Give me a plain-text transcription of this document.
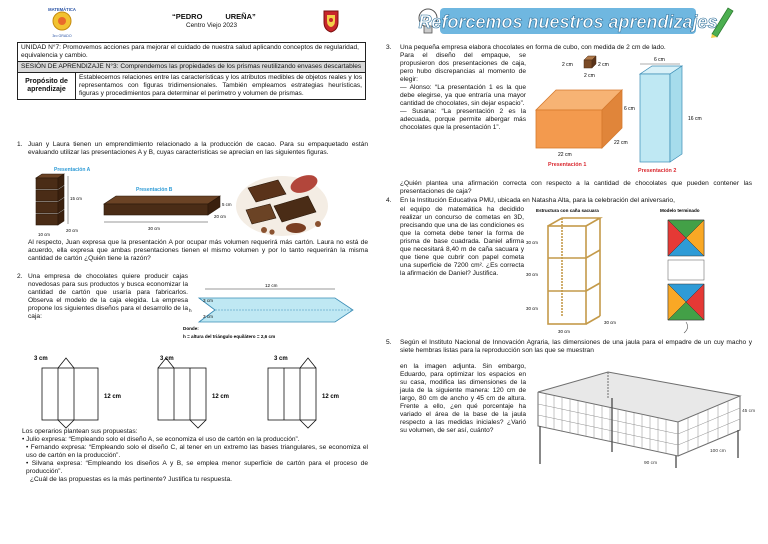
MATEMÁTICA
3ro GRADO
“PEDRO           UREÑA”
Centro Viejo 2023
UNIDAD N°7: Promovemos acciones para mejorar el cuidado de nuestra salud aplicando conceptos de regularidad, equivalencia y cambio.
SESIÓN DE APRENDIZAJE N°3: Comprendemos las propiedades de los prismas reutilizando envases descartables
Propósito de aprendizaje
Establecemos relaciones entre las características y los atributos medibles de objetos reales y los representamos con figuras tridimensionales. También empleamos estrategias heurísticas, figuras y procedimientos para determinar el perímetro y volumen de prismas.
1. Juan y Laura tienen un emprendimiento relacionado a la producción de cacao. Para su empaquetado están evaluando utilizar las presentaciones A y B, cuyas características se aprecian en las siguientes figuras.
Presentación A
15 cm
20 cm
10 cm
Presentación B
5 cm
20 cm
30 cm
Al respecto, Juan expresa que la presentación A por ocupar más volumen requerirá más cartón. Laura no está de acuerdo, ella expresa que ambas presentaciones tienen el mismo volumen y por lo tanto requerirán la misma cantidad de cartón ¿Quién tiene la razón?
2. Una empresa de chocolates quiere producir cajas novedosas para sus productos y busca economizar la cantidad de cartón que usaría para fabricarlos. Observa el modelo de la caja elegida. La empresa propone los siguientes diseños para el desarrollo de la caja:
12 cm
3 cm
3 cm
h
Donde:
h = altura del triángulo equilátero = 2,6 cm
3 cm
12 cm
3 cm
12 cm
3 cm
12 cm
Los operarios plantean sus propuestas:
• Julio expresa: “Empleando solo el diseño A, se economiza el uso de cartón en la producción”.
• Fernando expresa: “Empleando solo el diseño C, al tener en un extremo las bases triangulares, se economiza el uso de cartón en la producción”.
• Silvana expresa: “Empleando los diseños A y B, se emplea menor superficie de cartón para el proceso de producción”.
¿Cuál de las propuestas es la más pertinente? Justifica tu respuesta.
Reforcemos nuestros aprendizajes
3. Una pequeña empresa elabora chocolates en forma de cubo, con medida de 2 cm de lado.
Para el diseño del empaque, se propusieron dos presentaciones de caja, pero hubo discrepancias al momento de elegir:
— Alonso: “La presentación 1 es la que debe elegirse, ya que entraría una mayor cantidad de chocolates, sin dejar espacio”.
— Susana: “La presentación 2 es la adecuada, porque permite albergar más chocolates que la presentación 1”.
2 cm	2 cm
2 cm
6 cm
22 cm
22 cm
Presentación 1
6 cm
16 cm
Presentación 2
¿Quién plantea una afirmación correcta con respecto a la cantidad de chocolates que pueden contener las presentaciones de caja?
4. En la Institución Educativa PMU, ubicada en Natasha Alta, para la celebración del aniversario,
el equipo de matemática ha decidido realizar un concurso de cometas en 3D, precisando que una de las condiciones es que la cometa debe tener la forma de prisma de base cuadrada. Daniel afirma que necesitará 8,40 m de caña sacuara y que tiene que cubrir con papel cometa una superficie de 7200 cm². ¿Es correcta la afirmación de Daniel? Justifica.
Estructura con caña sacuara
30 cm
30 cm
30 cm
30 cm
30 cm
Modelo terminado
5. Según el Instituto Nacional de Innovación Agraria, las dimensiones de una jaula para el empadre de un cuy macho y siete hembras listas para la reproducción son las que se muestran
en la imagen adjunta. Sin embargo, Eduardo, para optimizar los espacios en su casa, modifica las dimensiones de la jaula de la siguiente manera: 120 cm de largo, 80 cm de ancho y 45 cm de altura. Frente a ello, ¿en qué porcentaje ha variado el área de la base de la jaula respecto a las medidas iniciales? ¿Varió su volumen, de ser así, cuánto?
45 cm
90 cm
100 cm
